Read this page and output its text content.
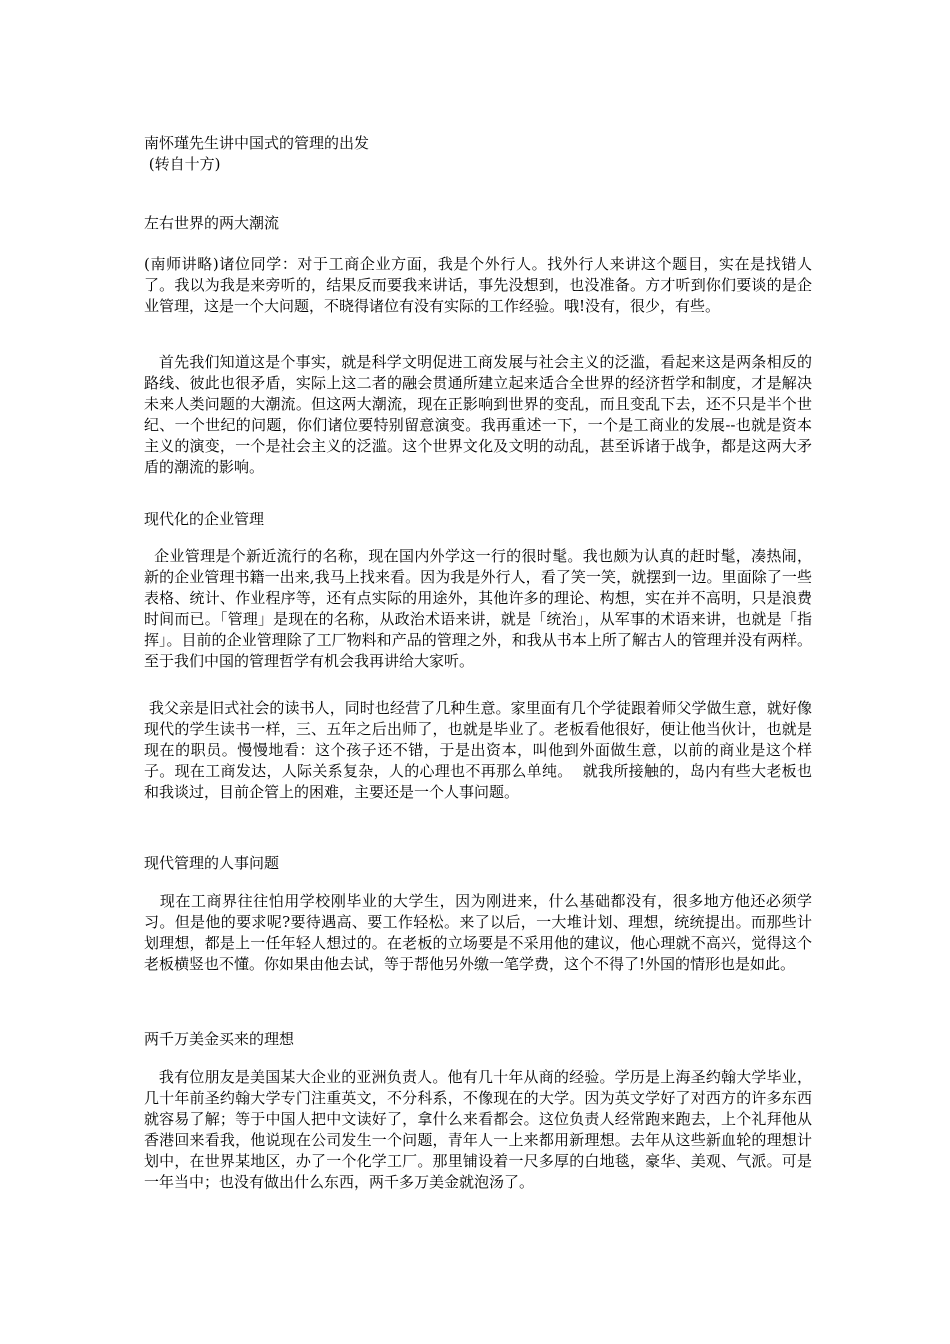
南怀瑾先生讲中国式的管理的出发
(转自十方)
左右世界的两大潮流
(南师讲略)诸位同学：对于工商企业方面，我是个外行人。找外行人来讲这个题目，实在是找错人了。我以为我是来旁听的，结果反而要我来讲话，事先没想到，也没准备。方才听到你们要谈的是企业管理，这是一个大问题，不晓得诸位有没有实际的工作经验。哦!没有，很少，有些。
首先我们知道这是个事实，就是科学文明促进工商发展与社会主义的泛滥，看起来这是两条相反的路线、彼此也很矛盾，实际上这二者的融会贯通所建立起来适合全世界的经济哲学和制度，才是解决未来人类问题的大潮流。但这两大潮流，现在正影响到世界的变乱，而且变乱下去，还不只是半个世纪、一个世纪的问题，你们诸位要特别留意演变。我再重述一下，一个是工商业的发展--也就是资本主义的演变，一个是社会主义的泛滥。这个世界文化及文明的动乱，甚至诉诸于战争，都是这两大矛盾的潮流的影响。
现代化的企业管理
企业管理是个新近流行的名称，现在国内外学这一行的很时髦。我也颇为认真的赶时髦，凑热闹，新的企业管理书籍一出来,我马上找来看。因为我是外行人，看了笑一笑，就摆到一边。里面除了一些表格、统计、作业程序等，还有点实际的用途外，其他许多的理论、构想，实在并不高明，只是浪费时间而已。「管理」是现在的名称，从政治术语来讲，就是「统治」，从军事的术语来讲，也就是「指挥」。目前的企业管理除了工厂物料和产品的管理之外，和我从书本上所了解古人的管理并没有两样。至于我们中国的管理哲学有机会我再讲给大家听。
我父亲是旧式社会的读书人，同时也经营了几种生意。家里面有几个学徒跟着师父学做生意，就好像现代的学生读书一样，三、五年之后出师了，也就是毕业了。老板看他很好，便让他当伙计，也就是现在的职员。慢慢地看：这个孩子还不错，于是出资本，叫他到外面做生意，以前的商业是这个样子。现在工商发达，人际关系复杂，人的心理也不再那么单纯。  就我所接触的，岛内有些大老板也和我谈过，目前企管上的困难，主要还是一个人事问题。
现代管理的人事问题
现在工商界往往怕用学校刚毕业的大学生，因为刚进来，什么基础都没有，很多地方他还必须学习。但是他的要求呢?要待遇高、要工作轻松。来了以后，一大堆计划、理想，统统提出。而那些计划理想，都是上一任年轻人想过的。在老板的立场要是不采用他的建议，他心理就不高兴，觉得这个老板横竖也不懂。你如果由他去试，等于帮他另外缴一笔学费，这个不得了!外国的情形也是如此。
两千万美金买来的理想
我有位朋友是美国某大企业的亚洲负责人。他有几十年从商的经验。学历是上海圣约翰大学毕业，几十年前圣约翰大学专门注重英文，不分科系，不像现在的大学。因为英文学好了对西方的许多东西就容易了解；等于中国人把中文读好了，拿什么来看都会。这位负责人经常跑来跑去，上个礼拜他从香港回来看我，他说现在公司发生一个问题，青年人一上来都用新理想。去年从这些新血轮的理想计划中，在世界某地区，办了一个化学工厂。那里铺设着一尺多厚的白地毯，豪华、美观、气派。可是一年当中；也没有做出什么东西，两千多万美金就泡汤了。
